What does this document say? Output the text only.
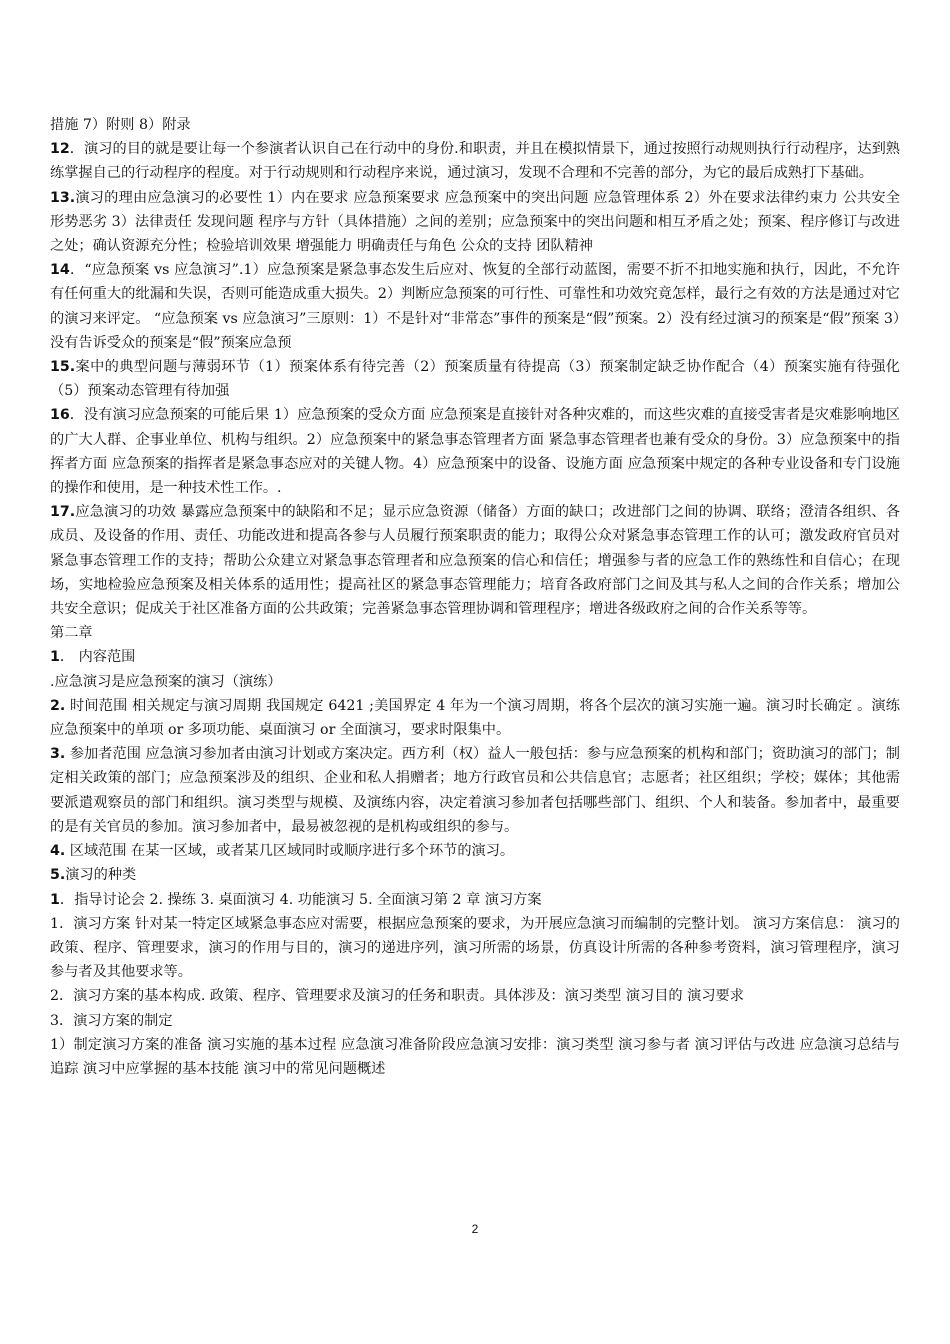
措施 7）附则 8）附录

12．演习的目的就是要让每一个参演者认识自己在行动中的身份.和职责，并且在模拟情景下，通过按照行动规则执行行动程序，达到熟练掌握自己的行动程序的程度。对于行动规则和行动程序来说，通过演习，发现不合理和不完善的部分，为它的最后成熟打下基础。

13.演习的理由应急演习的必要性 1）内在要求 应急预案要求 应急预案中的突出问题 应急管理体系 2）外在要求法律约束力 公共安全形势恶劣 3）法律责任 发现问题 程序与方针（具体措施）之间的差别；应急预案中的突出问题和相互矛盾之处；预案、程序修订与改进之处；确认资源充分性；检验培训效果 增强能力 明确责任与角色 公众的支持 团队精神

14．“应急预案 vs 应急演习”.1）应急预案是紧急事态发生后应对、恢复的全部行动蓝图，需要不折不扣地实施和执行，因此，不允许有任何重大的纰漏和失误，否则可能造成重大损失。2）判断应急预案的可行性、可靠性和功效究竟怎样，最行之有效的方法是通过对它的演习来评定。 “应急预案 vs 应急演习”三原则：1）不是针对“非常态”事件的预案是“假”预案。2）没有经过演习的预案是“假”预案 3）没有告诉受众的预案是“假”预案应急预

15.案中的典型问题与薄弱环节（1）预案体系有待完善（2）预案质量有待提高（3）预案制定缺乏协作配合（4）预案实施有待强化（5）预案动态管理有待加强

16．没有演习应急预案的可能后果 1）应急预案的受众方面 应急预案是直接针对各种灾难的，而这些灾难的直接受害者是灾难影响地区的广大人群、企事业单位、机构与组织。2）应急预案中的紧急事态管理者方面 紧急事态管理者也兼有受众的身份。3）应急预案中的指挥者方面 应急预案的指挥者是紧急事态应对的关键人物。4）应急预案中的设备、设施方面 应急预案中规定的各种专业设备和专门设施的操作和使用，是一种技术性工作。.

17.应急演习的功效 暴露应急预案中的缺陷和不足；显示应急资源（储备）方面的缺口；改进部门之间的协调、联络；澄清各组织、各成员、及设备的作用、责任、功能改进和提高各参与人员履行预案职责的能力；取得公众对紧急事态管理工作的认可；激发政府官员对紧急事态管理工作的支持；帮助公众建立对紧急事态管理者和应急预案的信心和信任；增强参与者的应急工作的熟练性和自信心；在现场，实地检验应急预案及相关体系的适用性；提高社区的紧急事态管理能力；培育各政府部门之间及其与私人之间的合作关系；增加公共安全意识；促成关于社区准备方面的公共政策；完善紧急事态管理协调和管理程序；增进各级政府之间的合作关系等等。

第二章

1． 内容范围

.应急演习是应急预案的演习（演练）

2. 时间范围 相关规定与演习周期 我国规定 6421 ;美国界定 4 年为一个演习周期，将各个层次的演习实施一遍。演习时长确定 。演练应急预案中的单项 or 多项功能、桌面演习 or 全面演习，要求时限集中。

3. 参加者范围 应急演习参加者由演习计划或方案决定。西方利（权）益人一般包括：参与应急预案的机构和部门；资助演习的部门；制定相关政策的部门；应急预案涉及的组织、企业和私人捐赠者；地方行政官员和公共信息官；志愿者；社区组织；学校；媒体；其他需要派遣观察员的部门和组织。演习类型与规模、及演练内容，决定着演习参加者包括哪些部门、组织、个人和装备。参加者中，最重要的是有关官员的参加。演习参加者中，最易被忽视的是机构或组织的参与。

4. 区域范围 在某一区域，或者某几区域同时或顺序进行多个环节的演习。

5.演习的种类

1．指导讨论会 2. 操练 3. 桌面演习 4. 功能演习 5. 全面演习第 2 章 演习方案

1．演习方案 针对某一特定区域紧急事态应对需要，根据应急预案的要求，为开展应急演习而编制的完整计划。 演习方案信息： 演习的政策、程序、管理要求，演习的作用与目的，演习的递进序列，演习所需的场景，仿真设计所需的各种参考资料，演习管理程序，演习参与者及其他要求等。

2．演习方案的基本构成. 政策、程序、管理要求及演习的任务和职责。具体涉及：演习类型 演习目的 演习要求

3．演习方案的制定

1）制定演习方案的准备 演习实施的基本过程 应急演习准备阶段应急演习安排：演习类型 演习参与者 演习评估与改进 应急演习总结与追踪 演习中应掌握的基本技能 演习中的常见问题概述

2
